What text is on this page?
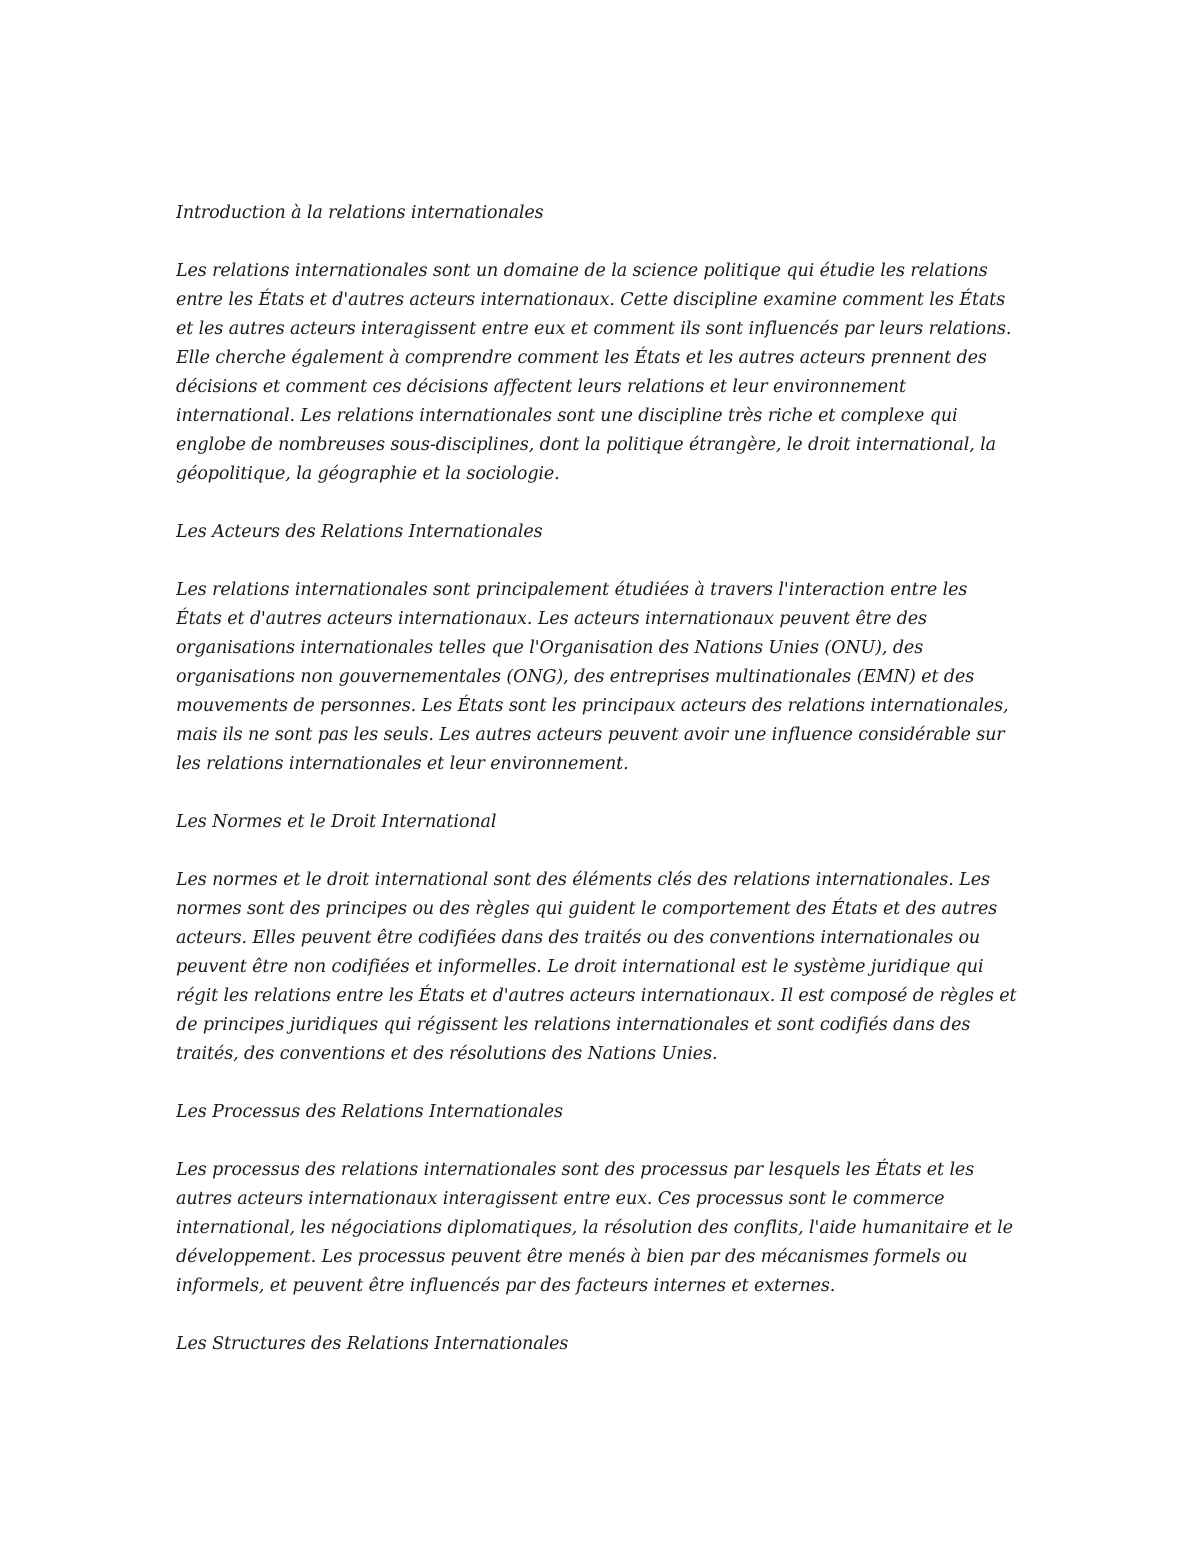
Introduction à la relations internationales
Les relations internationales sont un domaine de la science politique qui étudie les relations
entre les États et d'autres acteurs internationaux. Cette discipline examine comment les États
et les autres acteurs interagissent entre eux et comment ils sont influencés par leurs relations.
Elle cherche également à comprendre comment les États et les autres acteurs prennent des
décisions et comment ces décisions affectent leurs relations et leur environnement
international. Les relations internationales sont une discipline très riche et complexe qui
englobe de nombreuses sous-disciplines, dont la politique étrangère, le droit international, la
géopolitique, la géographie et la sociologie.
Les Acteurs des Relations Internationales
Les relations internationales sont principalement étudiées à travers l'interaction entre les
États et d'autres acteurs internationaux. Les acteurs internationaux peuvent être des
organisations internationales telles que l'Organisation des Nations Unies (ONU), des
organisations non gouvernementales (ONG), des entreprises multinationales (EMN) et des
mouvements de personnes. Les États sont les principaux acteurs des relations internationales,
mais ils ne sont pas les seuls. Les autres acteurs peuvent avoir une influence considérable sur
les relations internationales et leur environnement.
Les Normes et le Droit International
Les normes et le droit international sont des éléments clés des relations internationales. Les
normes sont des principes ou des règles qui guident le comportement des États et des autres
acteurs. Elles peuvent être codifiées dans des traités ou des conventions internationales ou
peuvent être non codifiées et informelles. Le droit international est le système juridique qui
régit les relations entre les États et d'autres acteurs internationaux. Il est composé de règles et
de principes juridiques qui régissent les relations internationales et sont codifiés dans des
traités, des conventions et des résolutions des Nations Unies.
Les Processus des Relations Internationales
Les processus des relations internationales sont des processus par lesquels les États et les
autres acteurs internationaux interagissent entre eux. Ces processus sont le commerce
international, les négociations diplomatiques, la résolution des conflits, l'aide humanitaire et le
développement. Les processus peuvent être menés à bien par des mécanismes formels ou
informels, et peuvent être influencés par des facteurs internes et externes.
Les Structures des Relations Internationales
